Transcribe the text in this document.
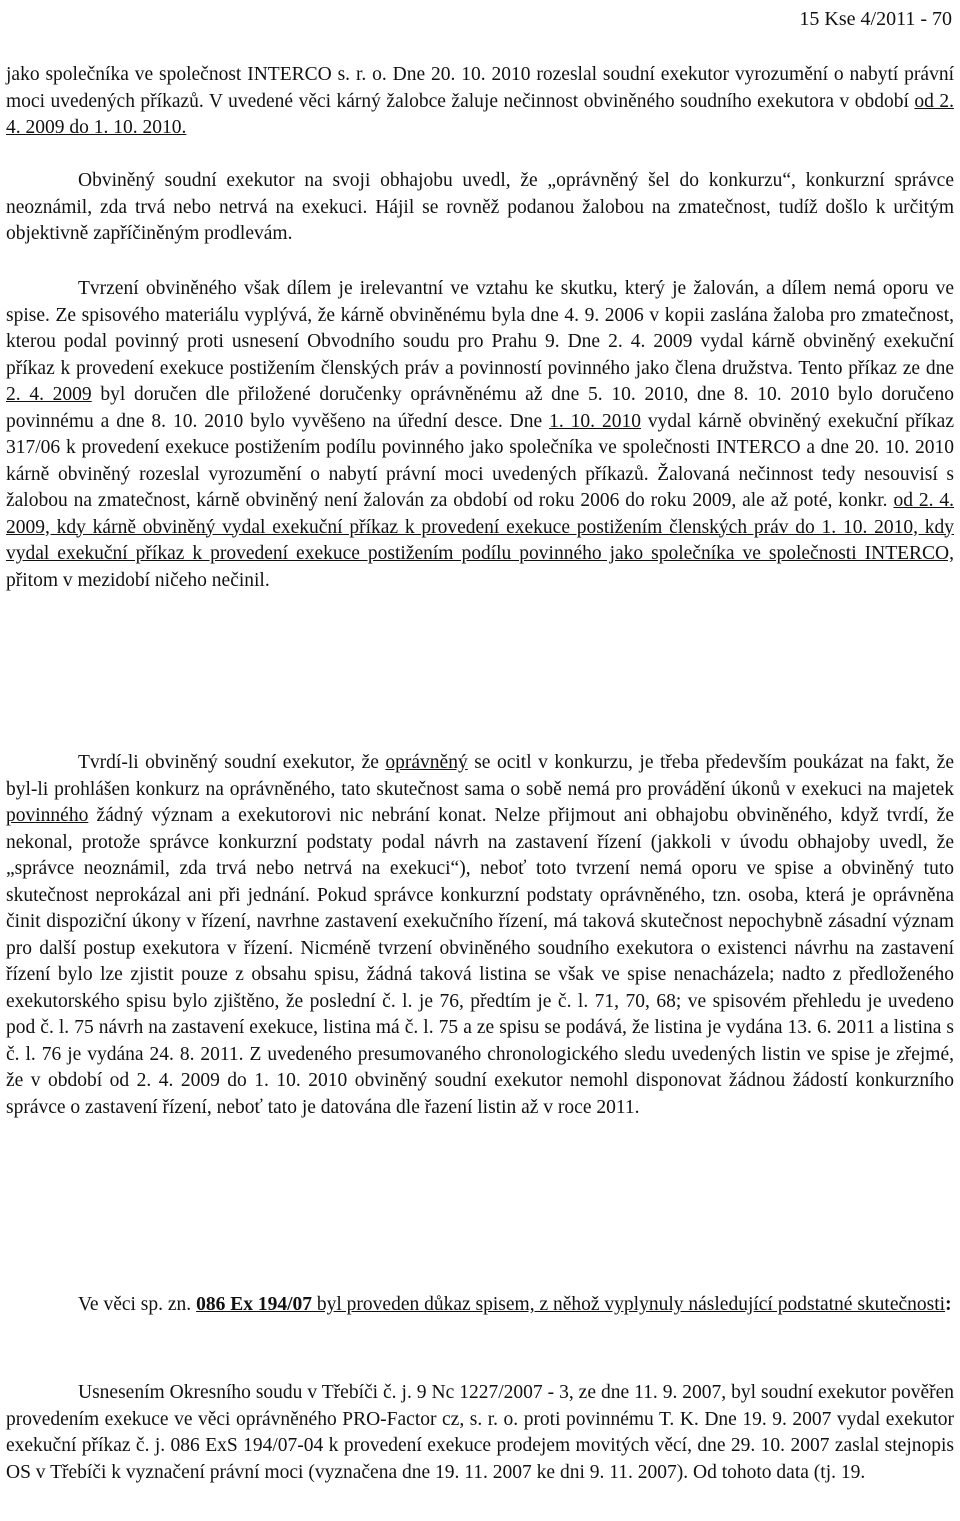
15 Kse 4/2011 - 70

jako společníka ve společnost INTERCO s. r. o. Dne 20. 10. 2010 rozeslal soudní exekutor vyrozumění o nabytí právní moci uvedených příkazů. V uvedené věci kárný žalobce žaluje nečinnost obviněného soudního exekutora v období od 2. 4. 2009 do 1. 10. 2010.

Obviněný soudní exekutor na svoji obhajobu uvedl, že „oprávněný šel do konkurzu“, konkurzní správce neoznámil, zda trvá nebo netrvá na exekuci. Hájil se rovněž podanou žalobou na zmatečnost, tudíž došlo k určitým objektivně zapříčiněným prodlevám.

Tvrzení obviněného však dílem je irelevantní ve vztahu ke skutku, který je žalován, a dílem nemá oporu ve spise. Ze spisového materiálu vyplývá, že kárně obviněnému byla dne 4. 9. 2006 v kopii zaslána žaloba pro zmatečnost, kterou podal povinný proti usnesení Obvodního soudu pro Prahu 9. Dne 2. 4. 2009 vydal kárně obviněný exekuční příkaz k provedení exekuce postižením členských práv a povinností povinného jako člena družstva. Tento příkaz ze dne 2. 4. 2009 byl doručen dle přiložené doručenky oprávněnému až dne 5. 10. 2010, dne 8. 10. 2010 bylo doručeno povinnému a dne 8. 10. 2010 bylo vyvěšeno na úřední desce. Dne 1. 10. 2010 vydal kárně obviněný exekuční příkaz 317/06 k provedení exekuce postižením podílu povinného jako společníka ve společnosti INTERCO a dne 20. 10. 2010 kárně obviněný rozeslal vyrozumění o nabytí právní moci uvedených příkazů. Žalovaná nečinnost tedy nesouvisí s žalobou na zmatečnost, kárně obviněný není žalován za období od roku 2006 do roku 2009, ale až poté, konkr. od 2. 4. 2009, kdy kárně obviněný vydal exekuční příkaz k provedení exekuce postižením členských práv do 1. 10. 2010, kdy vydal exekuční příkaz k provedení exekuce postižením podílu povinného jako společníka ve společnosti INTERCO, přitom v mezidobí ničeho nečinil.

Tvrdí-li obviněný soudní exekutor, že oprávněný se ocitl v konkurzu, je třeba především poukázat na fakt, že byl-li prohlášen konkurz na oprávněného, tato skutečnost sama o sobě nemá pro provádění úkonů v exekuci na majetek povinného žádný význam a exekutorovi nic nebrání konat. Nelze přijmout ani obhajobu obviněného, když tvrdí, že nekonal, protože správce konkurzní podstaty podal návrh na zastavení řízení (jakkoli v úvodu obhajoby uvedl, že „správce neoznámil, zda trvá nebo netrvá na exekuci“), neboť toto tvrzení nemá oporu ve spise a obviněný tuto skutečnost neprokázal ani při jednání. Pokud správce konkurzní podstaty oprávněného, tzn. osoba, která je oprávněna činit dispoziční úkony v řízení, navrhne zastavení exekučního řízení, má taková skutečnost nepochybně zásadní význam pro další postup exekutora v řízení. Nicméně tvrzení obviněného soudního exekutora o existenci návrhu na zastavení řízení bylo lze zjistit pouze z obsahu spisu, žádná taková listina se však ve spise nenacházela; nadto z předloženého exekutorského spisu bylo zjištěno, že poslední č. l. je 76, předtím je č. l. 71, 70, 68; ve spisovém přehledu je uvedeno pod č. l. 75 návrh na zastavení exekuce, listina má č. l. 75 a ze spisu se podává, že listina je vydána 13. 6. 2011 a listina s č. l. 76 je vydána 24. 8. 2011. Z uvedeného presumovaného chronologického sledu uvedených listin ve spise je zřejmé, že v období od 2. 4. 2009 do 1. 10. 2010 obviněný soudní exekutor nemohl disponovat žádnou žádostí konkurzního správce o zastavení řízení, neboť tato je datována dle řazení listin až v roce 2011.

Ve věci sp. zn. 086 Ex 194/07 byl proveden důkaz spisem, z něhož vyplynuly následující podstatné skutečnosti:

Usnesením Okresního soudu v Třebíči č. j. 9 Nc 1227/2007 - 3, ze dne 11. 9. 2007, byl soudní exekutor pověřen provedením exekuce ve věci oprávněného PRO-Factor cz, s. r. o. proti povinnému T. K. Dne 19. 9. 2007 vydal exekutor exekuční příkaz č. j. 086 ExS 194/07-04 k provedení exekuce prodejem movitých věcí, dne 29. 10. 2007 zaslal stejnopis OS v Třebíči k vyznačení právní moci (vyznačena dne 19. 11. 2007 ke dni 9. 11. 2007). Od tohoto data (tj. 19.
